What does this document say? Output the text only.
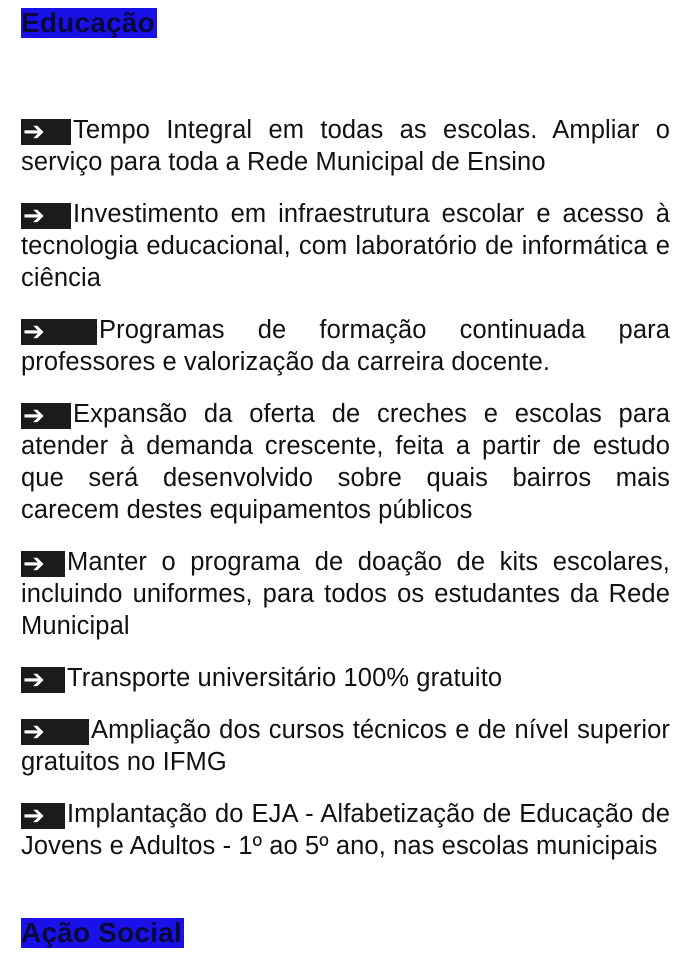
Educação

➔ Tempo Integral em todas as escolas. Ampliar o serviço para toda a Rede Municipal de Ensino

➔ Investimento em infraestrutura escolar e acesso à tecnologia educacional, com laboratório de informática e ciência

➔ Programas de formação continuada para professores e valorização da carreira docente.

➔ Expansão da oferta de creches e escolas para atender à demanda crescente, feita a partir de estudo que será desenvolvido sobre quais bairros mais carecem destes equipamentos públicos

➔ Manter o programa de doação de kits escolares, incluindo uniformes, para todos os estudantes da Rede Municipal

➔ Transporte universitário 100% gratuito

➔ Ampliação dos cursos técnicos e de nível superior gratuitos no IFMG

➔ Implantação do EJA - Alfabetização de Educação de Jovens e Adultos - 1º ao 5º ano, nas escolas municipais

Ação Social
